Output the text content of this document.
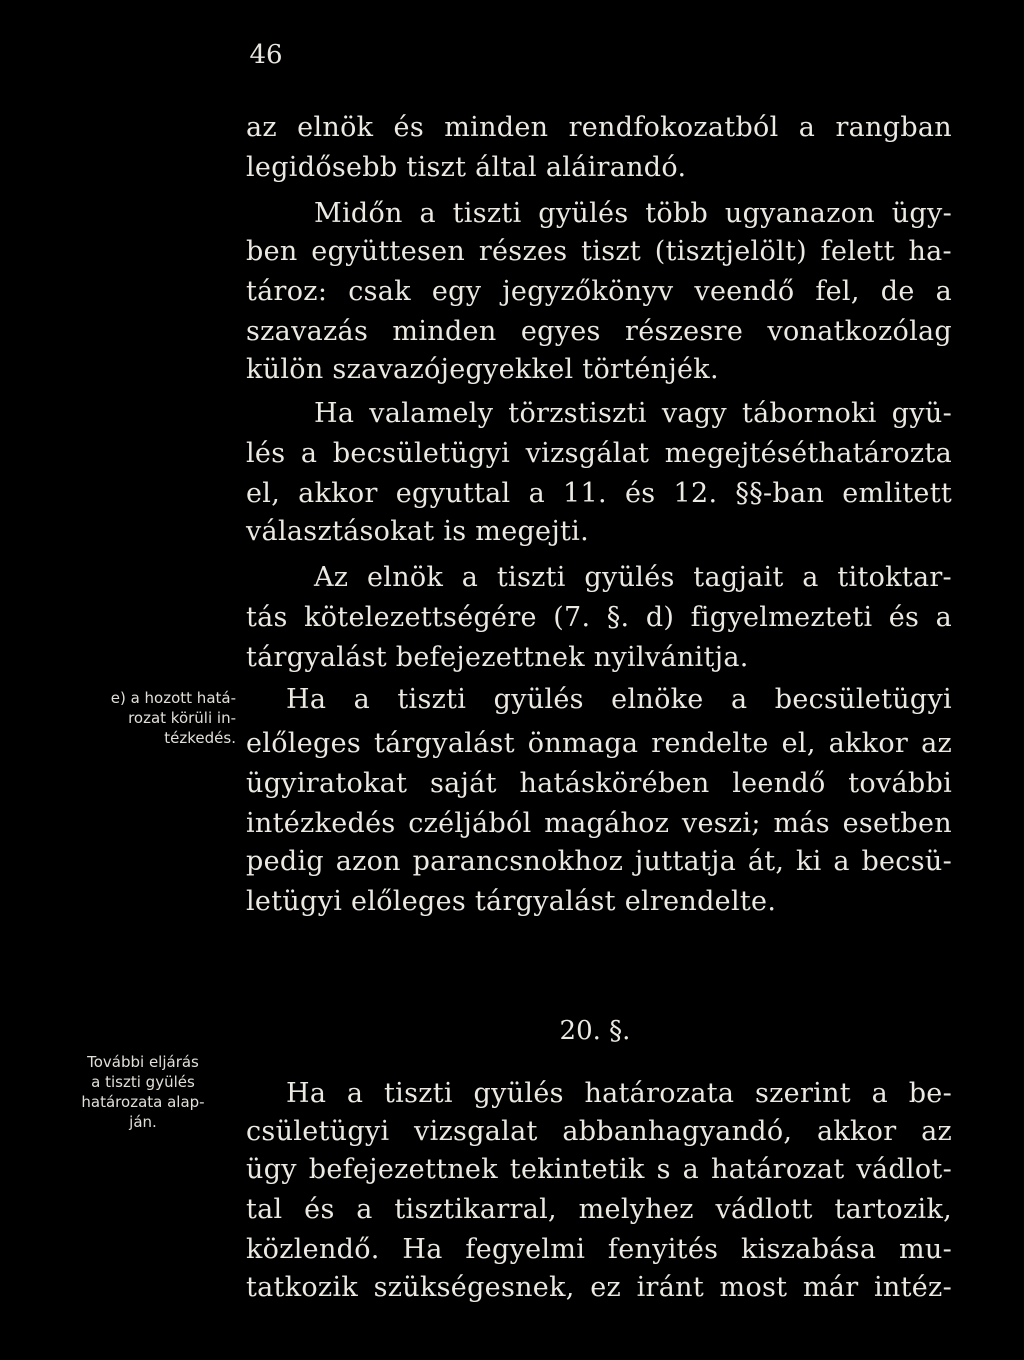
46
az elnök és minden rendfokozatból a rangban
legidősebb tiszt által aláirandó.
Midőn a tiszti gyülés több ugyanazon ügy-
ben együttesen részes tiszt (tisztjelölt) felett ha-
tároz: csak egy jegyzőkönyv veendő fel, de a
szavazás minden egyes részesre vonatkozólag
külön szavazójegyekkel történjék.
Ha valamely törzstiszti vagy tábornoki gyü-
lés a becsületügyi vizsgálat megejtéséthatározta
el, akkor egyuttal a 11. és 12. §§-ban emlitett
választásokat is megejti.
Az elnök a tiszti gyülés tagjait a titoktar-
tás kötelezettségére (7. §. d) figyelmezteti és a
tárgyalást befejezettnek nyilvánitja.
Ha a tiszti gyülés elnöke a becsületügyi
előleges tárgyalást önmaga rendelte el, akkor az
ügyiratokat saját hatáskörében leendő további
intézkedés czéljából magához veszi; más esetben
pedig azon parancsnokhoz juttatja át, ki a becsü-
letügyi előleges tárgyalást elrendelte.
20. §.
Ha a tiszti gyülés határozata szerint a be-
csületügyi vizsgalat abbanhagyandó, akkor az
ügy befejezettnek tekintetik s a határozat vádlot-
tal és a tisztikarral, melyhez vádlott tartozik,
közlendő. Ha fegyelmi fenyités kiszabása mu-
tatkozik szükségesnek, ez iránt most már intéz-
e) a hozott hatá-
rozat körüli in-
tézkedés.
További eljárás
a tiszti gyülés
határozata alap-
ján.
